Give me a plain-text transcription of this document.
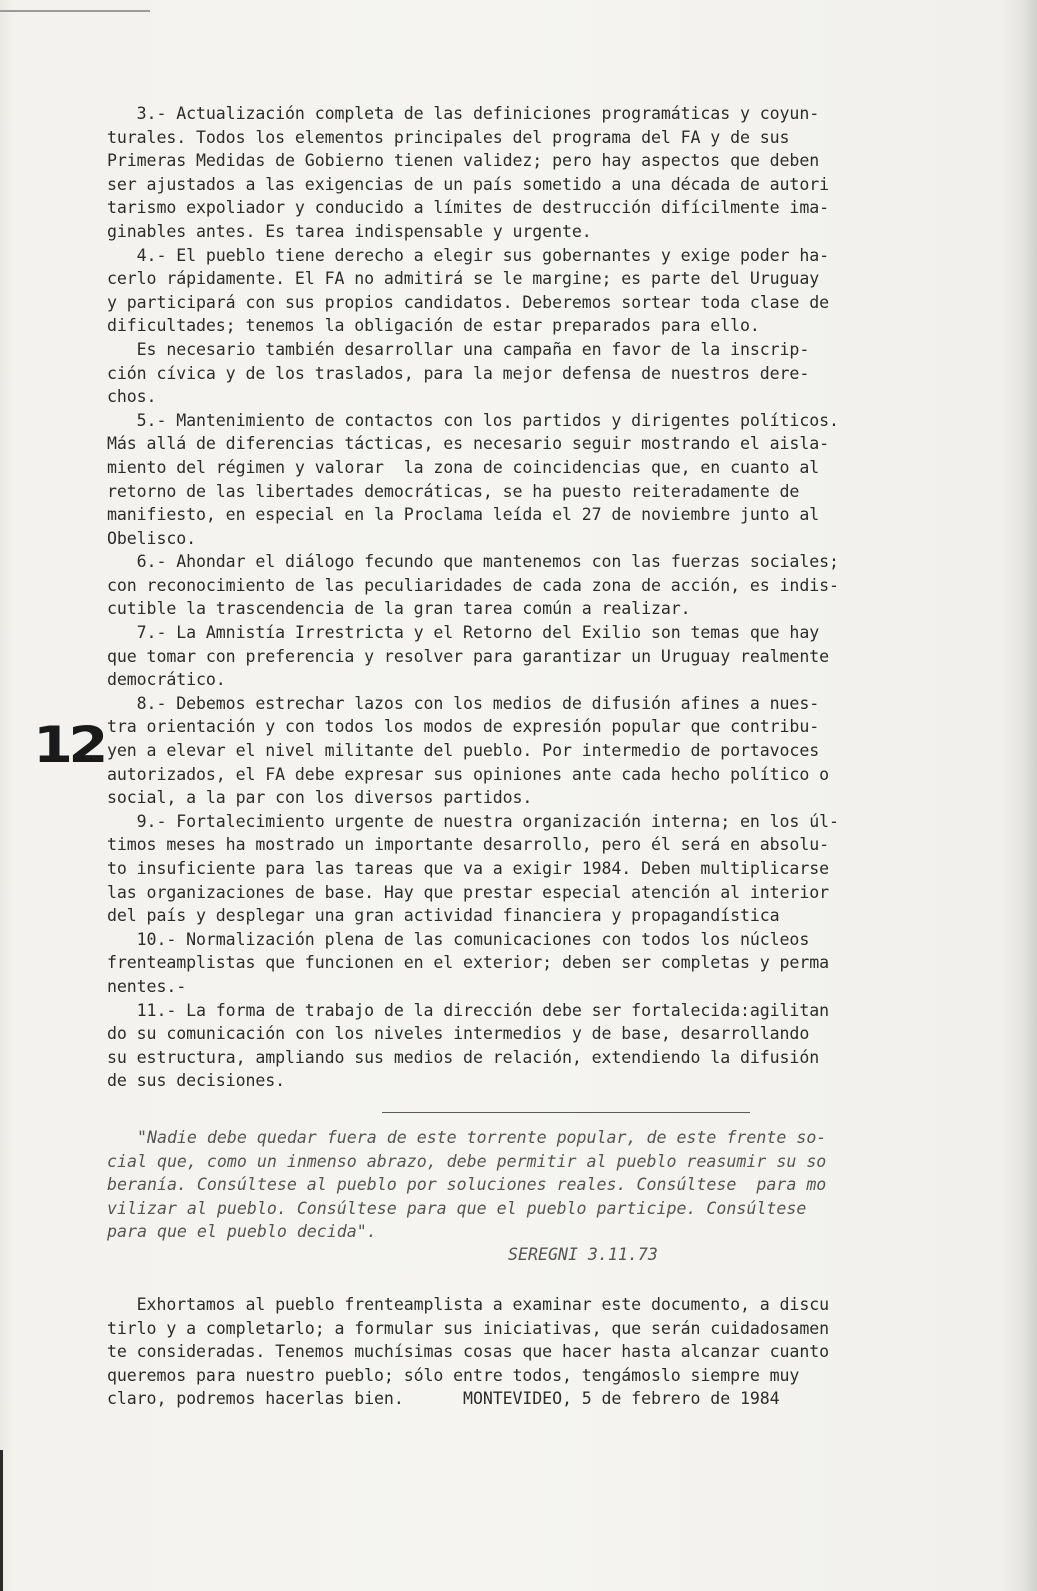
12
3.- Actualización completa de las definiciones programáticas y coyun-
turales. Todos los elementos principales del programa del FA y de sus
Primeras Medidas de Gobierno tienen validez; pero hay aspectos que deben
ser ajustados a las exigencias de un país sometido a una década de autori
tarismo expoliador y conducido a límites de destrucción difícilmente ima-
ginables antes. Es tarea indispensable y urgente.
4.- El pueblo tiene derecho a elegir sus gobernantes y exige poder ha-
cerlo rápidamente. El FA no admitirá se le margine; es parte del Uruguay
y participará con sus propios candidatos. Deberemos sortear toda clase de
dificultades; tenemos la obligación de estar preparados para ello.
Es necesario también desarrollar una campaña en favor de la inscrip-
ción cívica y de los traslados, para la mejor defensa de nuestros dere-
chos.
5.- Mantenimiento de contactos con los partidos y dirigentes políticos.
Más allá de diferencias tácticas, es necesario seguir mostrando el aisla-
miento del régimen y valorar  la zona de coincidencias que, en cuanto al
retorno de las libertades democráticas, se ha puesto reiteradamente de
manifiesto, en especial en la Proclama leída el 27 de noviembre junto al
Obelisco.
6.- Ahondar el diálogo fecundo que mantenemos con las fuerzas sociales;
con reconocimiento de las peculiaridades de cada zona de acción, es indis-
cutible la trascendencia de la gran tarea común a realizar.
7.- La Amnistía Irrestricta y el Retorno del Exilio son temas que hay
que tomar con preferencia y resolver para garantizar un Uruguay realmente
democrático.
8.- Debemos estrechar lazos con los medios de difusión afines a nues-
tra orientación y con todos los modos de expresión popular que contribu-
yen a elevar el nivel militante del pueblo. Por intermedio de portavoces
autorizados, el FA debe expresar sus opiniones ante cada hecho político o
social, a la par con los diversos partidos.
9.- Fortalecimiento urgente de nuestra organización interna; en los úl-
timos meses ha mostrado un importante desarrollo, pero él será en absolu-
to insuficiente para las tareas que va a exigir 1984. Deben multiplicarse
las organizaciones de base. Hay que prestar especial atención al interior
del país y desplegar una gran actividad financiera y propagandística
10.- Normalización plena de las comunicaciones con todos los núcleos
frenteamplistas que funcionen en el exterior; deben ser completas y perma
nentes.-
11.- La forma de trabajo de la dirección debe ser fortalecida:agilitan
do su comunicación con los niveles intermedios y de base, desarrollando
su estructura, ampliando sus medios de relación, extendiendo la difusión
de sus decisiones.
"Nadie debe quedar fuera de este torrente popular, de este frente so-
cial que, como un inmenso abrazo, debe permitir al pueblo reasumir su so
beranía. Consúltese al pueblo por soluciones reales. Consúltese  para mo
vilizar al pueblo. Consúltese para que el pueblo participe. Consúltese
para que el pueblo decida".
SEREGNI 3.11.73
Exhortamos al pueblo frenteamplista a examinar este documento, a discu
tirlo y a completarlo; a formular sus iniciativas, que serán cuidadosamen
te consideradas. Tenemos muchísimas cosas que hacer hasta alcanzar cuanto
queremos para nuestro pueblo; sólo entre todos, tengámoslo siempre muy
claro, podremos hacerlas bien.      MONTEVIDEO, 5 de febrero de 1984
